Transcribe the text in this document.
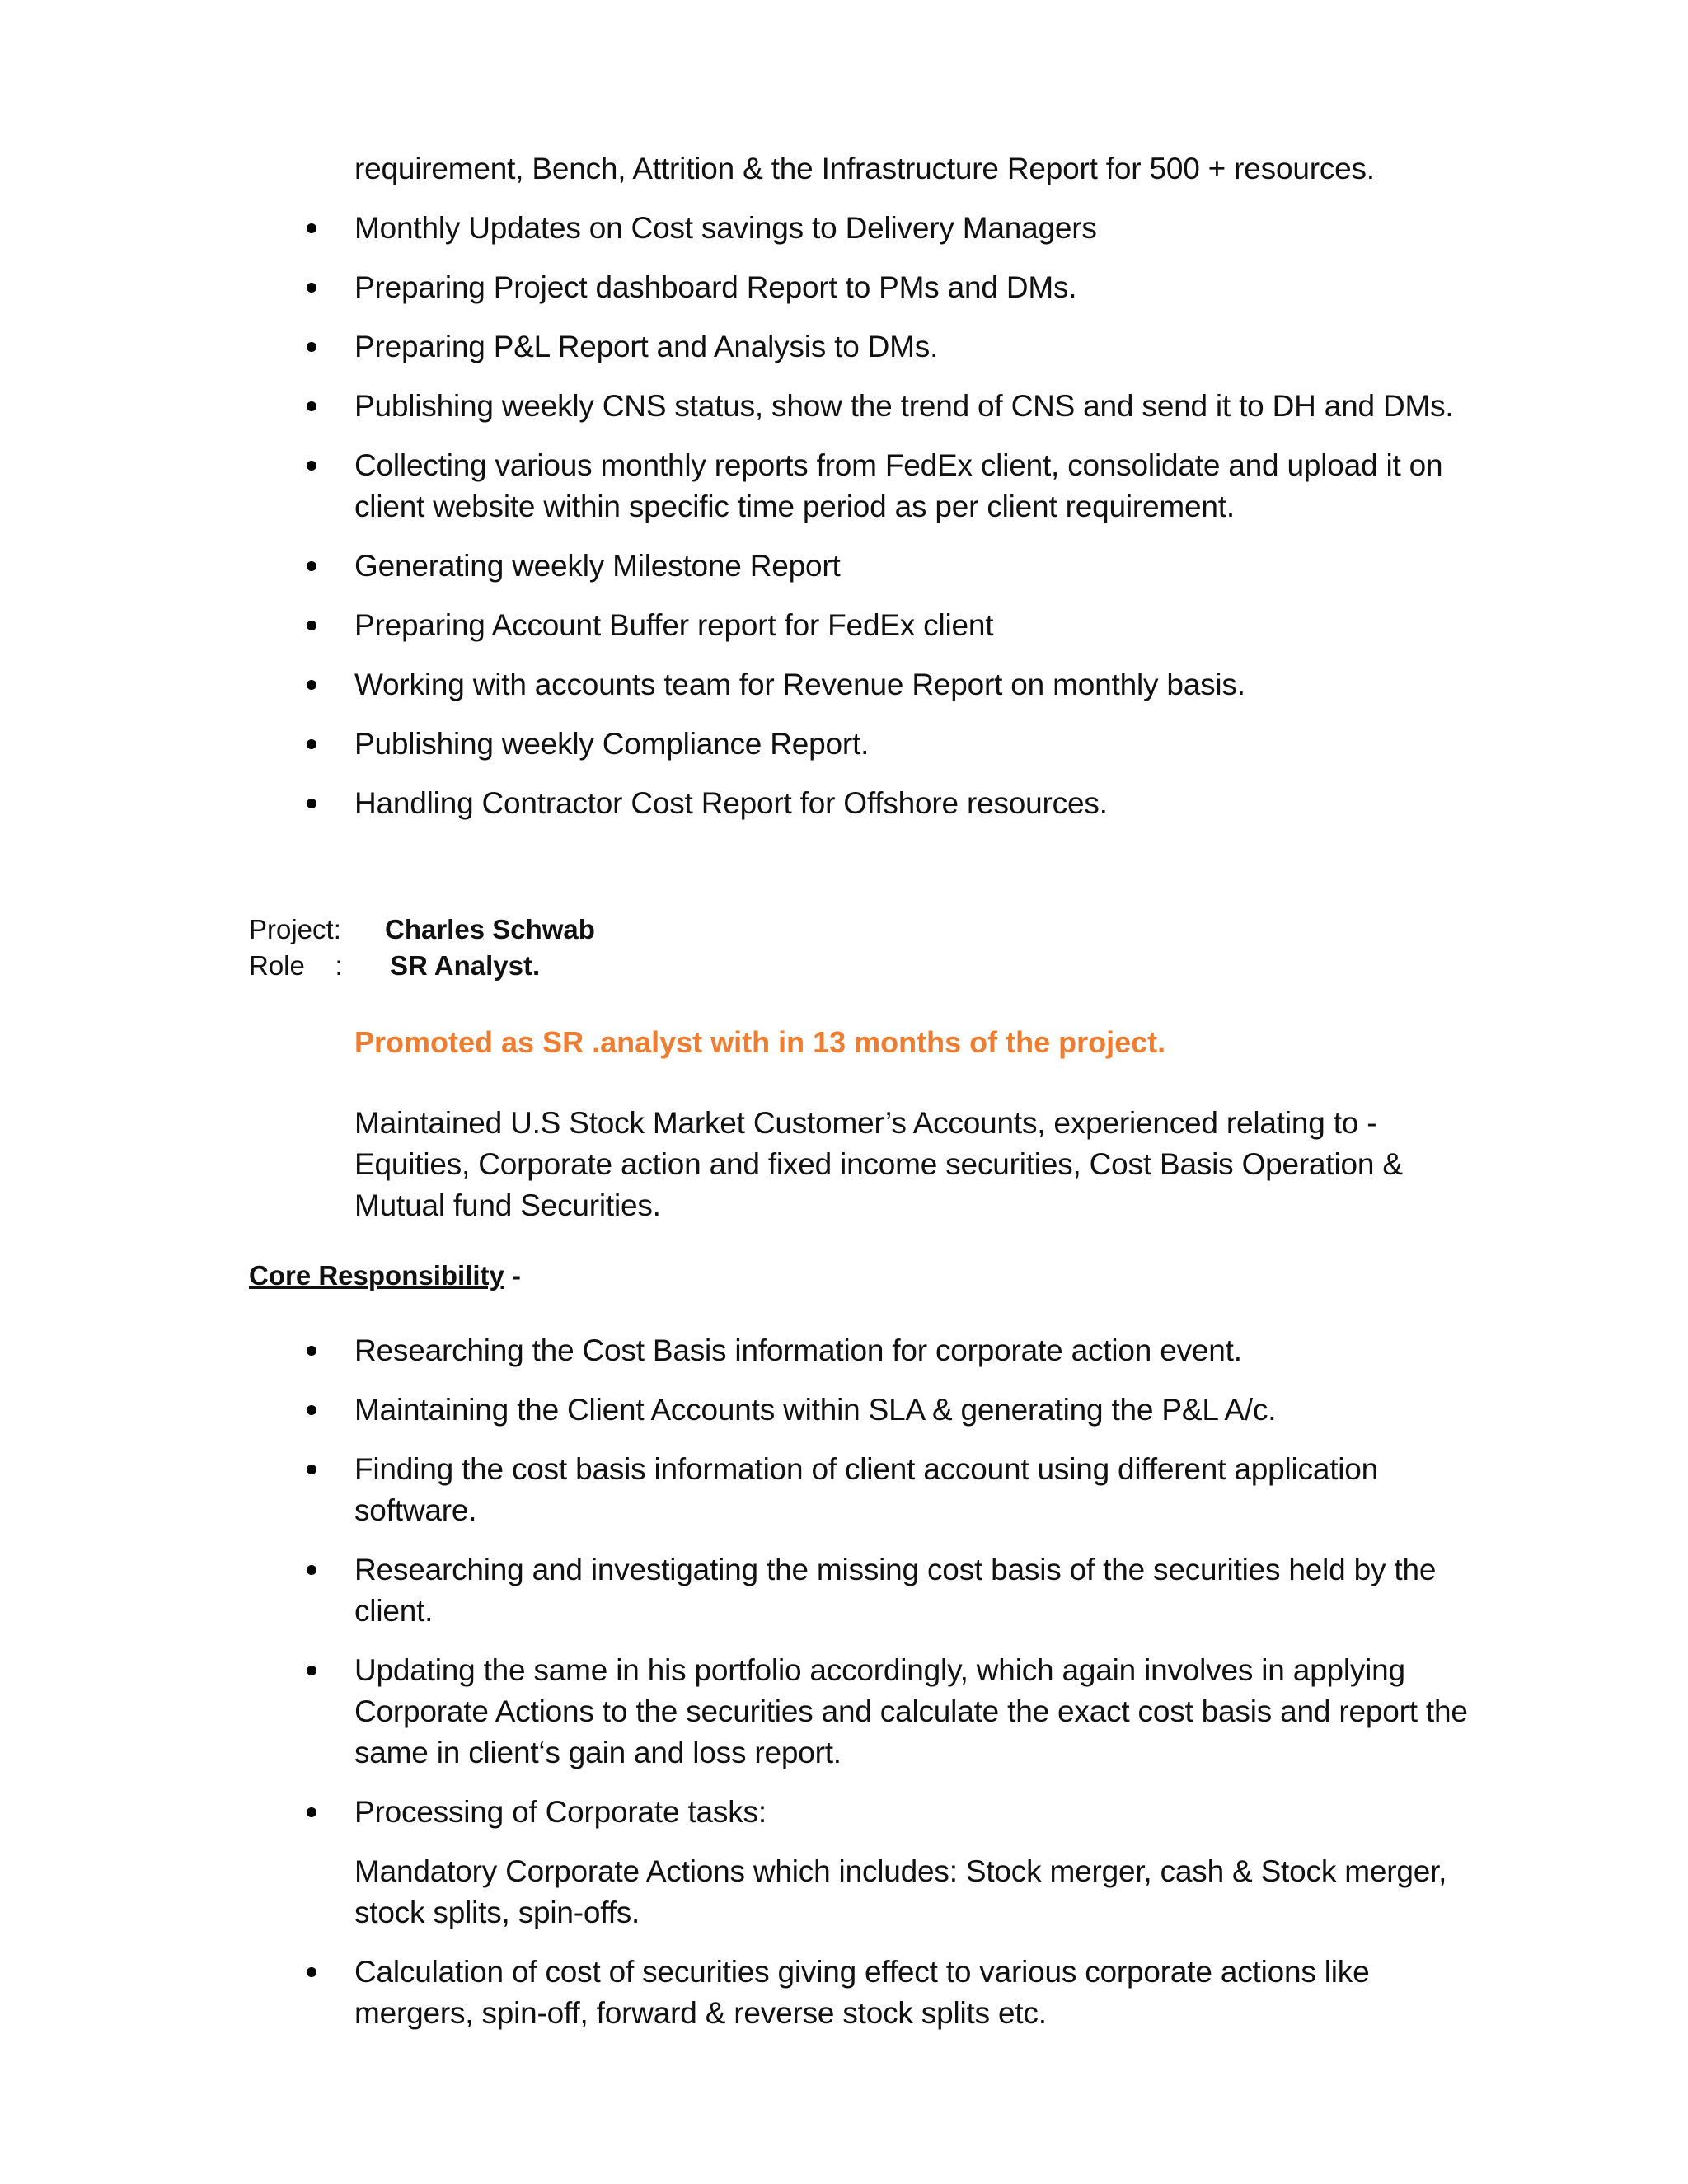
requirement, Bench, Attrition & the Infrastructure Report for 500 + resources.
Monthly Updates on Cost savings to Delivery Managers
Preparing Project dashboard Report to PMs and DMs.
Preparing P&L Report and Analysis to DMs.
Publishing weekly CNS status, show the trend of CNS and send it to DH and DMs.
Collecting various monthly reports from FedEx client, consolidate and upload it on client website within specific time period as per client requirement.
Generating weekly Milestone Report
Preparing Account Buffer report for FedEx client
Working with accounts team for Revenue Report on monthly basis.
Publishing weekly Compliance Report.
Handling Contractor Cost Report for Offshore resources.
Project:	Charles Schwab
Role    :	SR Analyst.
Promoted as SR .analyst with in 13 months of the project.
Maintained U.S Stock Market Customer’s Accounts, experienced relating to - Equities, Corporate action and fixed income securities, Cost Basis Operation & Mutual fund Securities.
Core Responsibility -
Researching the Cost Basis information for corporate action event.
Maintaining the Client Accounts within SLA & generating the P&L A/c.
Finding the cost basis information of client account using different application software.
Researching and investigating the missing cost basis of the securities held by the client.
Updating the same in his portfolio accordingly, which again involves in applying Corporate Actions to the securities and calculate the exact cost basis and report the same in client‘s gain and loss report.
Processing of Corporate tasks:
Mandatory Corporate Actions which includes: Stock merger, cash & Stock merger, stock splits, spin-offs.
Calculation of cost of securities giving effect to various corporate actions like mergers, spin-off, forward & reverse stock splits etc.
